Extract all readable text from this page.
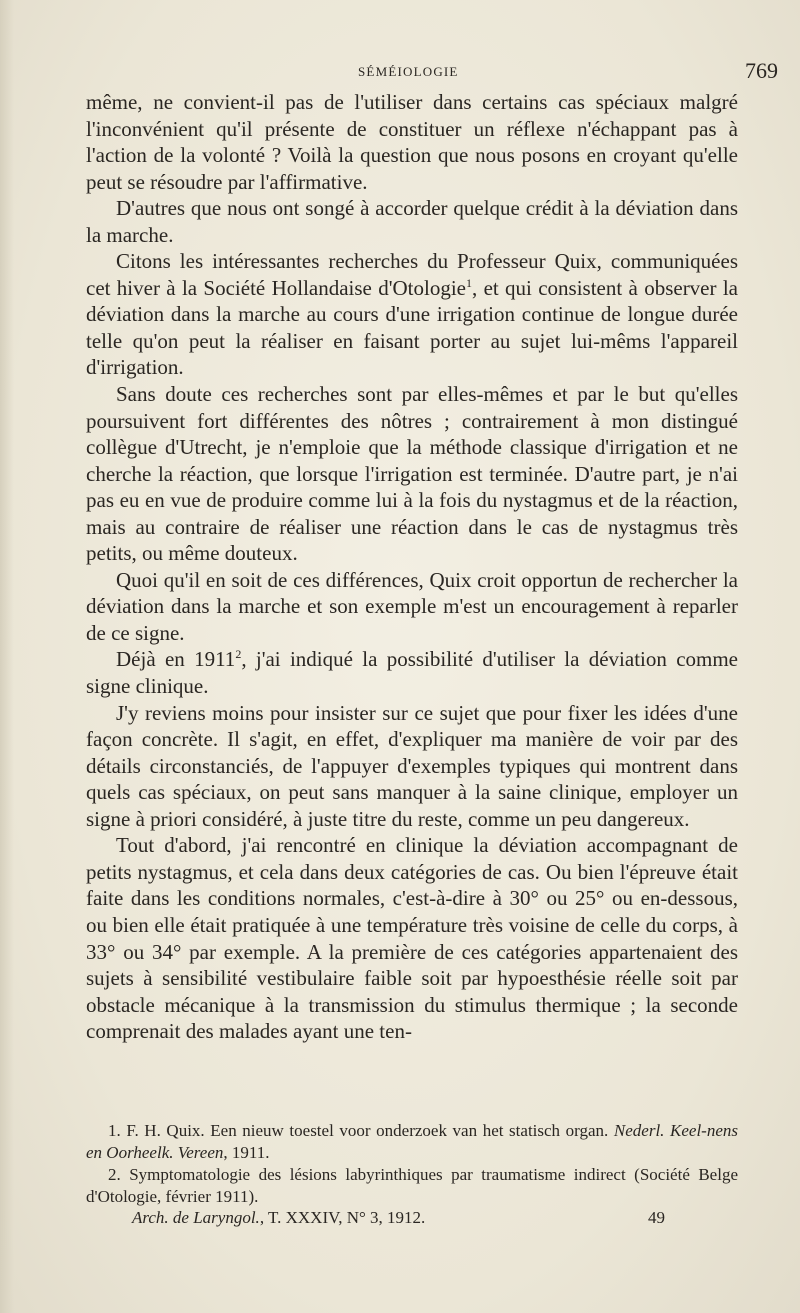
SÉMÉIOLOGIE	769

même, ne convient-il pas de l'utiliser dans certains cas spéciaux malgré l'inconvénient qu'il présente de constituer un réflexe n'échappant pas à l'action de la volonté ? Voilà la question que nous posons en croyant qu'elle peut se résoudre par l'affirmative.

D'autres que nous ont songé à accorder quelque crédit à la déviation dans la marche.

Citons les intéressantes recherches du Professeur Quix, communiquées cet hiver à la Société Hollandaise d'Otologie$^1$, et qui consistent à observer la déviation dans la marche au cours d'une irrigation continue de longue durée telle qu'on peut la réaliser en faisant porter au sujet lui-mêms l'appareil d'irrigation.

Sans doute ces recherches sont par elles-mêmes et par le but qu'elles poursuivent fort différentes des nôtres ; contrairement à mon distingué collègue d'Utrecht, je n'emploie que la méthode classique d'irrigation et ne cherche la réaction, que lorsque l'irrigation est terminée. D'autre part, je n'ai pas eu en vue de produire comme lui à la fois du nystagmus et de la réaction, mais au contraire de réaliser une réaction dans le cas de nystagmus très petits, ou même douteux.

Quoi qu'il en soit de ces différences, Quix croit opportun de rechercher la déviation dans la marche et son exemple m'est un encouragement à reparler de ce signe.

Déjà en 1911$^2$, j'ai indiqué la possibilité d'utiliser la déviation comme signe clinique.

J'y reviens moins pour insister sur ce sujet que pour fixer les idées d'une façon concrète. Il s'agit, en effet, d'expliquer ma manière de voir par des détails circonstanciés, de l'appuyer d'exemples typiques qui montrent dans quels cas spéciaux, on peut sans manquer à la saine clinique, employer un signe à priori considéré, à juste titre du reste, comme un peu dangereux.

Tout d'abord, j'ai rencontré en clinique la déviation accompagnant de petits nystagmus, et cela dans deux catégories de cas. Ou bien l'épreuve était faite dans les conditions normales, c'est-à-dire à 30° ou 25° ou en-dessous, ou bien elle était pratiquée à une température très voisine de celle du corps, à 33° ou 34° par exemple. A la première de ces catégories appartenaient des sujets à sensibilité vestibulaire faible soit par hypoesthésie réelle soit par obstacle mécanique à la transmission du stimulus thermique ; la seconde comprenait des malades ayant une ten-

1. F. H. Quix. Een nieuw toestel voor onderzoek van het statisch organ. Nederl. Keel-nens en Oorheelk. Vereen, 1911.

2. Symptomatologie des lésions labyrinthiques par traumatisme indirect (Société Belge d'Otologie, février 1911).

Arch. de Laryngol., T. XXXIV, N° 3, 1912.	49
